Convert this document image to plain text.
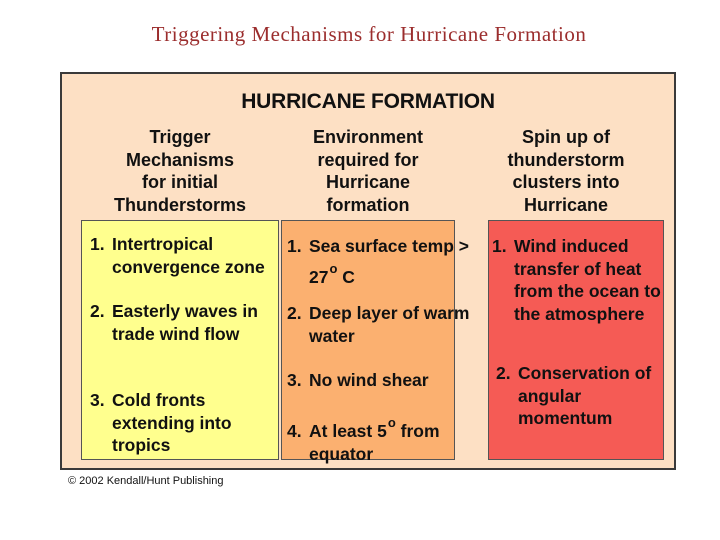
Triggering Mechanisms for Hurricane Formation
HURRICANE FORMATION
Trigger
Mechanisms
for initial
Thunderstorms
Environment
required for
Hurricane
formation
Spin up of
thunderstorm
clusters into
Hurricane
1. Intertropical convergence zone
2. Easterly waves in trade wind flow
3. Cold fronts extending into tropics
1. Sea surface temp > $27^o$ C
2. Deep layer of warm water
3. No wind shear
4. At least 5$^o$ from equator
1. Wind induced transfer of heat from the ocean to the atmosphere
2. Conservation of angular momentum
© 2002 Kendall/Hunt Publishing
